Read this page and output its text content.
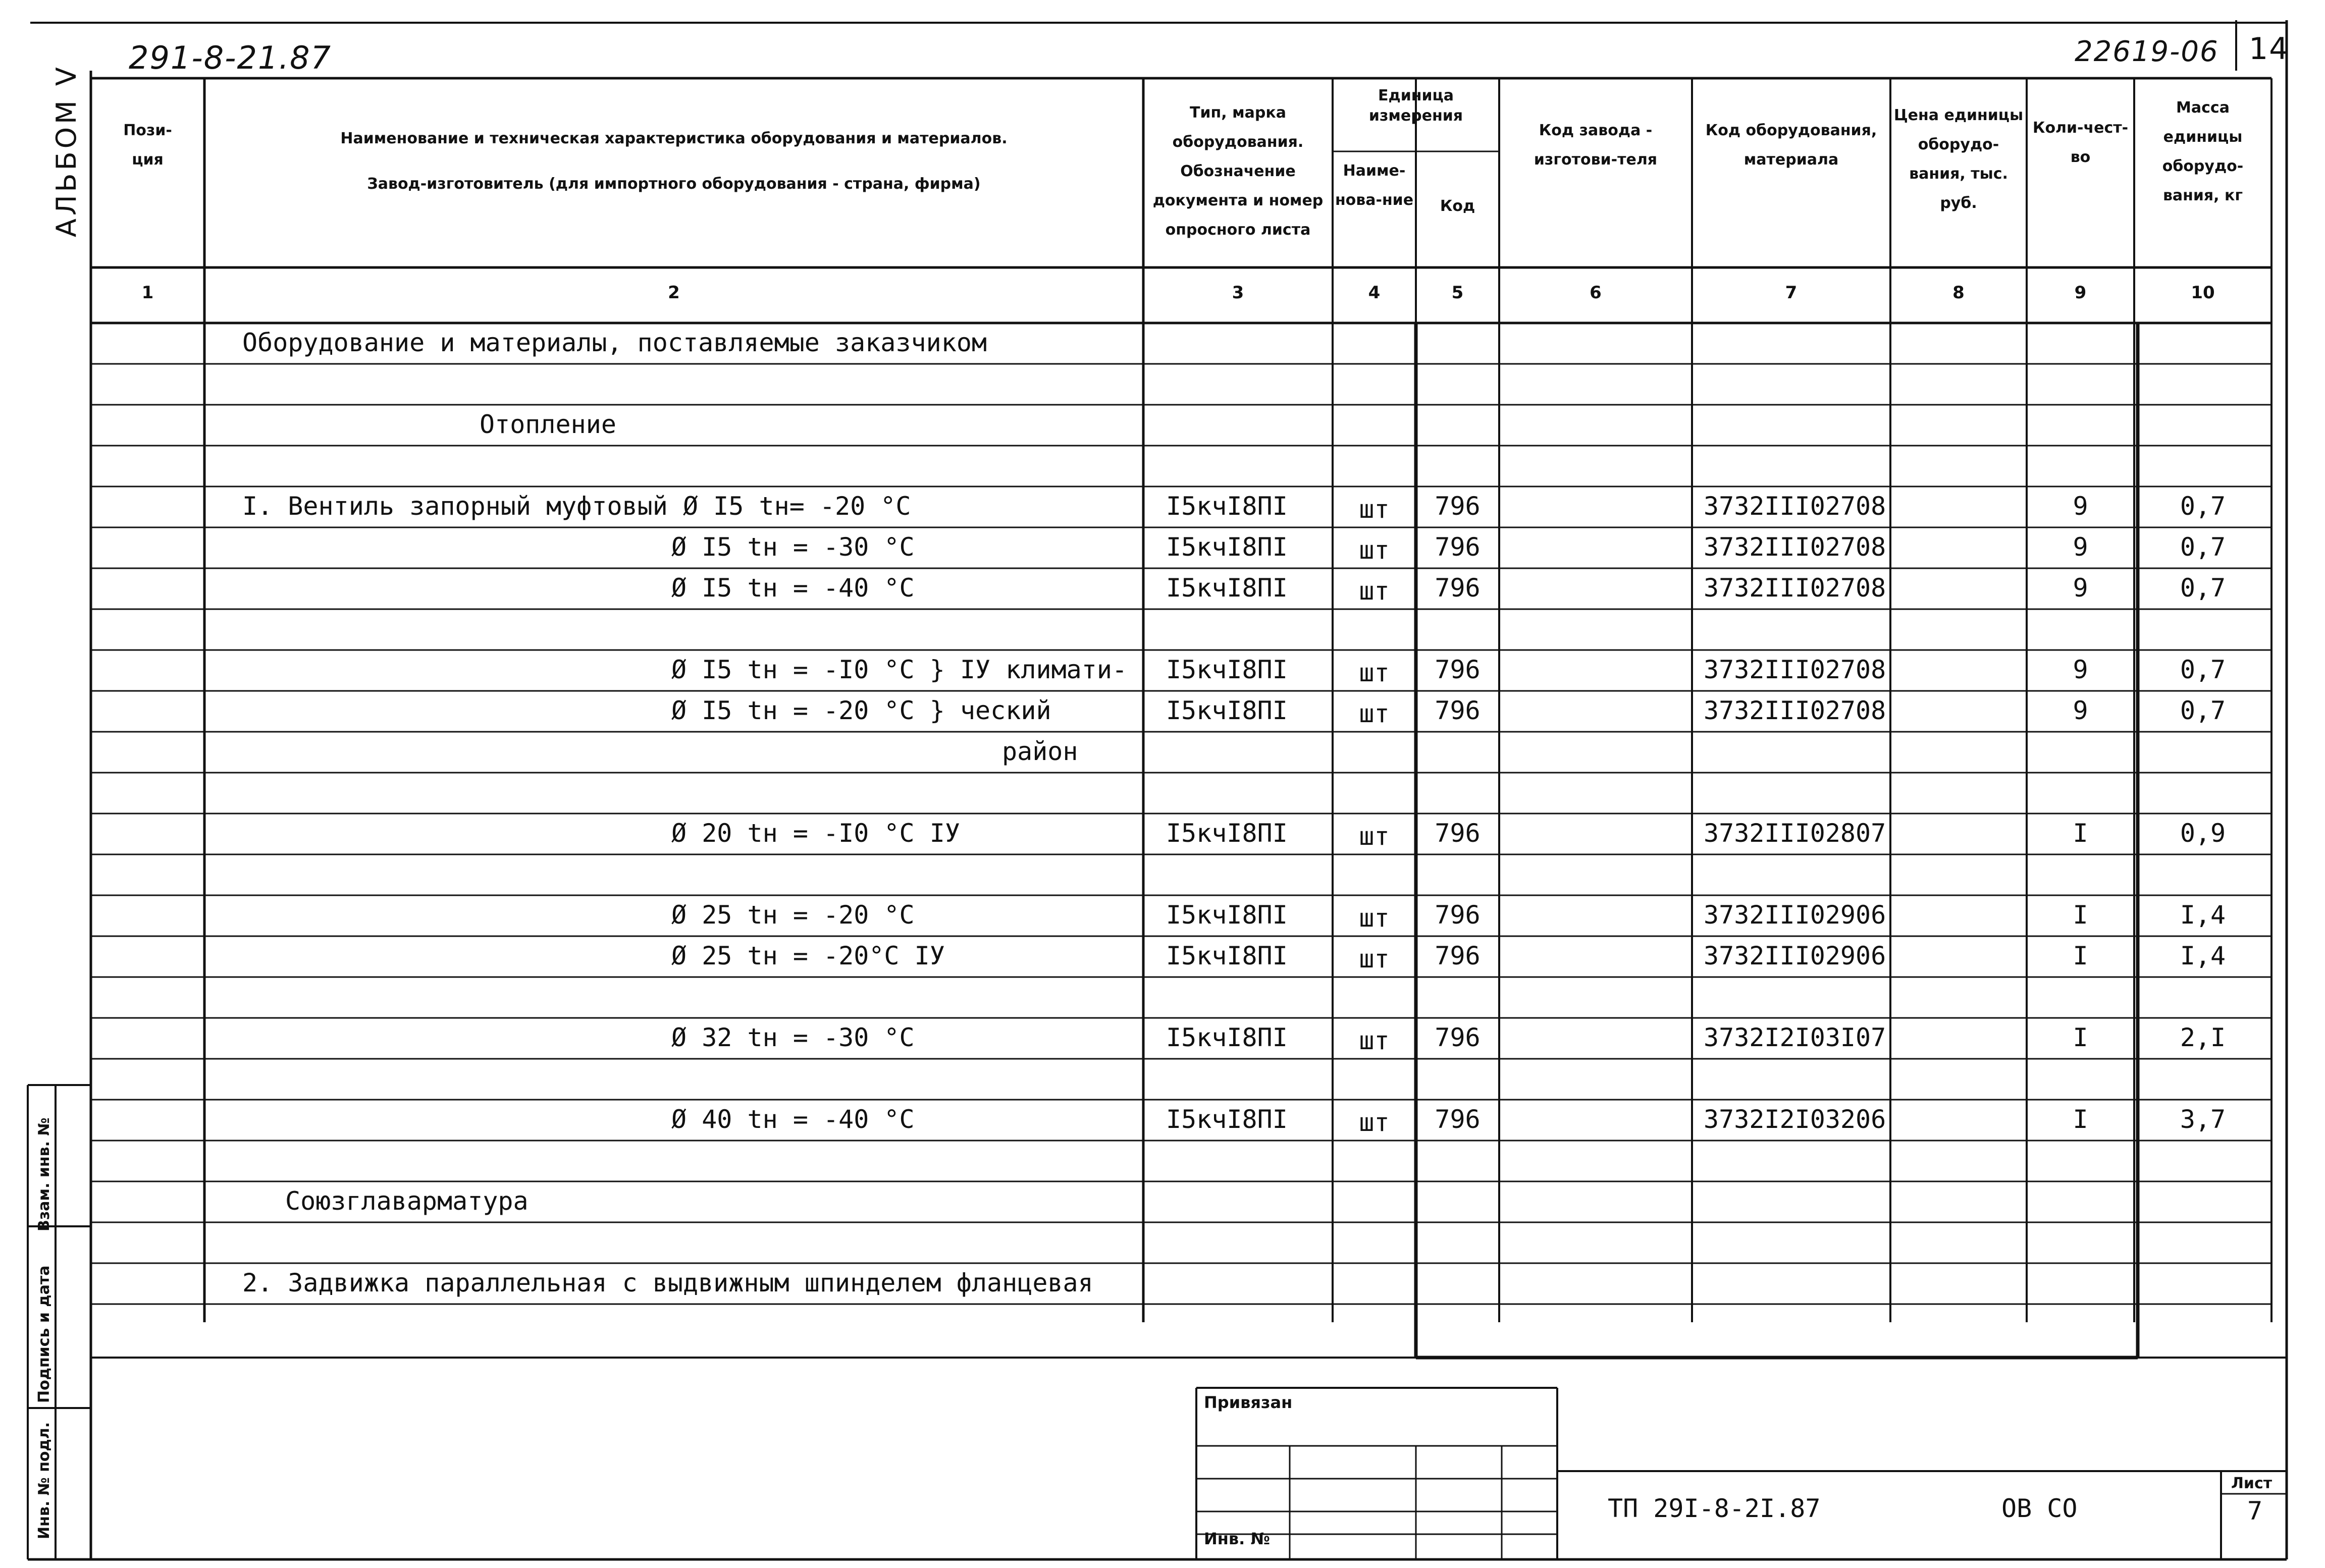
291-8-21.87	22619-06 14
АЛЬБОМ V
Инв. № подл.
Подпись и дата
Взам. инв. №
Пози-
ция
1
Наименование и техническая характеристика оборудования и материалов.
Завод-изготовитель (для импортного оборудования - страна, фирма)
2
Тип, марка оборудования. Обозначение документа и номер опросного листа
3
Единица измерения
Наиме-нова-ние
4
Код
5
Код завода - изготови-теля
6
Код оборудования, материала
7
Цена единицы оборудо-вания, тыс. руб.
8
Коли-чест-во
9
Масса единицы оборудо-вания, кг
10
Оборудование и материалы, поставляемые заказчиком
Отопление
I. Вентиль запорный муфтовый Ø I5 tн= -20 °С	I5кчI8ПI	шт	796	3732III02708	9	0,7
Ø I5 tн = -30 °С	I5кчI8ПI	шт	796	3732III02708	9	0,7
Ø I5 tн = -40 °С	I5кчI8ПI	шт	796	3732III02708	9	0,7
Ø I5 tн = -I0 °С } IУ климати- I5кчI8ПI	шт	796	3732III02708	9	0,7
Ø I5 tн = -20 °С } ческий	I5кчI8ПI	шт	796	3732III02708	9	0,7
район
Ø 20 tн = -I0 °С IУ	I5кчI8ПI	шт	796	3732III02807	I	0,9
Ø 25 tн = -20 °С	I5кчI8ПI	шт	796	3732III02906	I	I,4
Ø 25 tн = -20°С IУ	I5кчI8ПI	шт	796	3732III02906	I	I,4
Ø 32 tн = -30 °С	I5кчI8ПI	шт	796	3732I2I03I07	I	2,I
Ø 40 tн = -40 °С	I5кчI8ПI	шт	796	3732I2I03206	I	3,7
Союзглаварматура
2. Задвижка параллельная с выдвижным шпинделем фланцевая
Привязан
Инв. №
ТП 29I-8-2I.87	ОВ СО
Лист
7
